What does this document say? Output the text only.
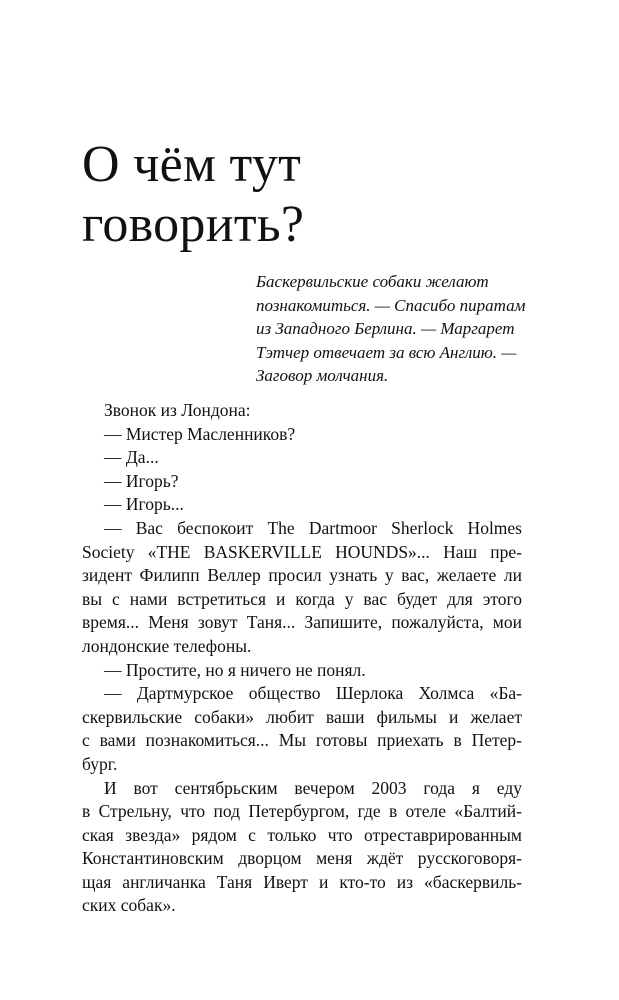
О чём тут
говорить?
Баскервильские собаки желают
познакомиться. — Спасибо пиратам
из Западного Берлина. — Маргарет
Тэтчер отвечает за всю Англию. —
Заговор молчания.
Звонок из Лондона:
— Мистер Масленников?
— Да...
— Игорь?
— Игорь...
— Вас беспокоит The Dartmoor Sherlock Holmes
Society «THE BASKERVILLE HOUNDS»... Наш пре-
зидент Филипп Веллер просил узнать у вас, желаете ли
вы с нами встретиться и когда у вас будет для этого
время... Меня зовут Таня... Запишите, пожалуйста, мои
лондонские телефоны.
— Простите, но я ничего не понял.
— Дартмурское общество Шерлока Холмса «Ба-
скервильские собаки» любит ваши фильмы и желает
с вами познакомиться... Мы готовы приехать в Петер-
бург.
И вот сентябрьским вечером 2003 года я еду
в Стрельну, что под Петербургом, где в отеле «Балтий-
ская звезда» рядом с только что отреставрированным
Константиновским дворцом меня ждёт русскоговоря-
щая англичанка Таня Иверт и кто-то из «баскервиль-
ских собак».
